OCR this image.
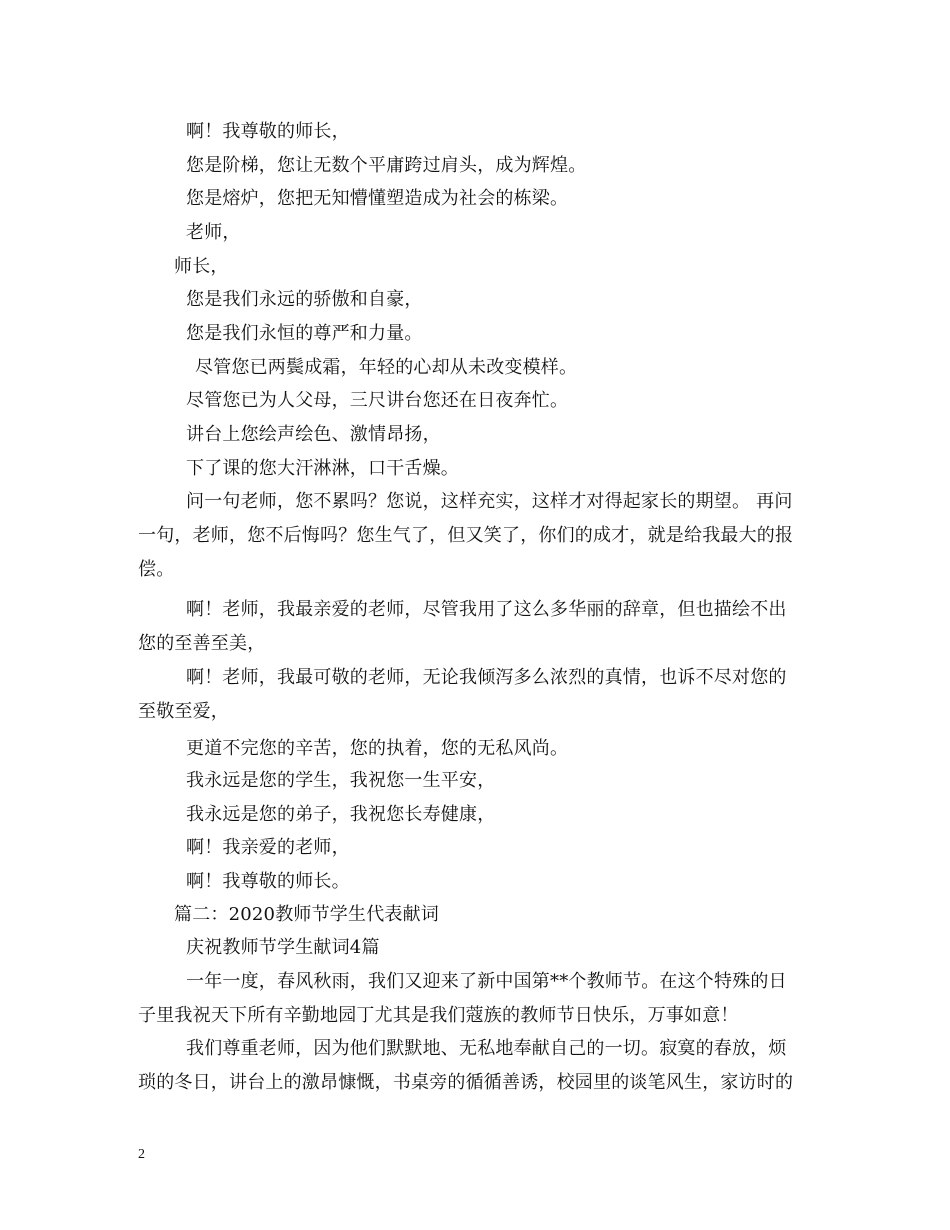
啊！我尊敬的师长，
您是阶梯，您让无数个平庸跨过肩头，成为辉煌。
您是熔炉，您把无知懵懂塑造成为社会的栋梁。
老师，
师长，
您是我们永远的骄傲和自豪，
您是我们永恒的尊严和力量。
尽管您已两鬓成霜，年轻的心却从未改变模样。
尽管您已为人父母，三尺讲台您还在日夜奔忙。
讲台上您绘声绘色、激情昂扬，
下了课的您大汗淋淋，口干舌燥。
问一句老师，您不累吗？您说，这样充实，这样才对得起家长的期望。 再问
一句，老师，您不后悔吗？您生气了，但又笑了，你们的成才，就是给我最大的报
偿。
啊！老师，我最亲爱的老师，尽管我用了这么多华丽的辞章，但也描绘不出
您的至善至美，
啊！老师，我最可敬的老师，无论我倾泻多么浓烈的真情，也诉不尽对您的
至敬至爱，
更道不完您的辛苦，您的执着，您的无私风尚。
我永远是您的学生，我祝您一生平安，
我永远是您的弟子，我祝您长寿健康，
啊！我亲爱的老师，
啊！我尊敬的师长。
篇二：2020教师节学生代表献词
庆祝教师节学生献词4篇
一年一度，春风秋雨，我们又迎来了新中国第**个教师节。在这个特殊的日
子里我祝天下所有辛勤地园丁尤其是我们蔻族的教师节日快乐，万事如意！
我们尊重老师，因为他们默默地、无私地奉献自己的一切。寂寞的春放，烦
琐的冬日，讲台上的激昂慷慨，书桌旁的循循善诱，校园里的谈笔风生，家访时的
2
